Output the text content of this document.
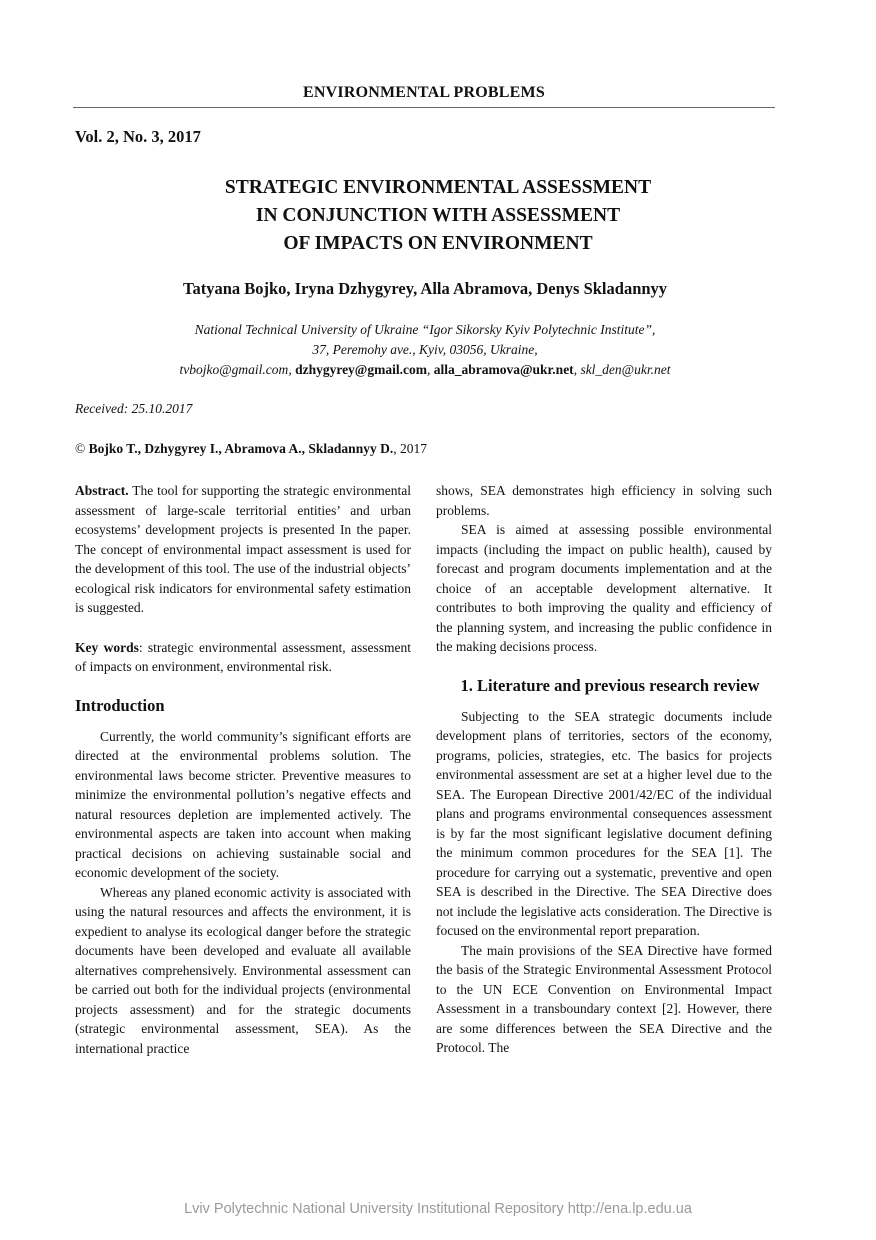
ENVIRONMENTAL PROBLEMS
Vol. 2, No. 3, 2017
STRATEGIC ENVIRONMENTAL ASSESSMENT
IN CONJUNCTION WITH ASSESSMENT
OF IMPACTS ON ENVIRONMENT
Tatyana Bojko, Iryna Dzhygyrey, Alla Abramova, Denys Skladannyy
National Technical University of Ukraine “Igor Sikorsky Kyiv Polytechnic Institute”,
37, Peremohy ave., Kyiv, 03056, Ukraine,
tvbojko@gmail.com, dzhygyrey@gmail.com, alla_abramova@ukr.net, skl_den@ukr.net
Received: 25.10.2017
© Bojko T., Dzhygyrey I., Abramova A., Skladannyy D., 2017

Abstract. The tool for supporting the strategic environmental assessment of large-scale territorial entities’ and urban ecosystems’ development projects is presented In the paper. The concept of environmental impact assessment is used for the development of this tool. The use of the industrial objects’ ecological risk indicators for environmental safety estimation is suggested.

Key words: strategic environmental assessment, assessment of impacts on environment, environmental risk.

Introduction

Currently, the world community’s significant efforts are directed at the environmental problems solution. The environmental laws become stricter. Preventive measures to minimize the environmental pollution’s negative effects and natural resources depletion are implemented actively. The environmental aspects are taken into account when making practical decisions on achieving sustainable social and economic development of the society.

Whereas any planed economic activity is associated with using the natural resources and affects the environment, it is expedient to analyse its ecological danger before the strategic documents have been developed and evaluate all available alternatives comprehensively. Environmental assessment can be carried out both for the individual projects (environmental projects assessment) and for the strategic documents (strategic environmental assessment, SEA). As the international practice

shows, SEA demonstrates high efficiency in solving such problems.

SEA is aimed at assessing possible environmental impacts (including the impact on public health), caused by forecast and program documents implementation and at the choice of an acceptable development alternative. It contributes to both improving the quality and efficiency of the planning system, and increasing the public confidence in the making decisions process.

1. Literature and previous research review

Subjecting to the SEA strategic documents include development plans of territories, sectors of the economy, programs, policies, strategies, etc. The basics for projects environmental assessment are set at a higher level due to the SEA. The European Directive 2001/42/EC of the individual plans and programs environmental consequences assessment is by far the most significant legislative document defining the minimum common procedures for the SEA [1]. The procedure for carrying out a systematic, preventive and open SEA is described in the Directive. The SEA Directive does not include the legislative acts consideration. The Directive is focused on the environmental report preparation.

The main provisions of the SEA Directive have formed the basis of the Strategic Environmental Assessment Protocol to the UN ECE Convention on Environmental Impact Assessment in a transboundary context [2]. However, there are some differences between the SEA Directive and the Protocol. The

Lviv Polytechnic National University Institutional Repository http://ena.lp.edu.ua
